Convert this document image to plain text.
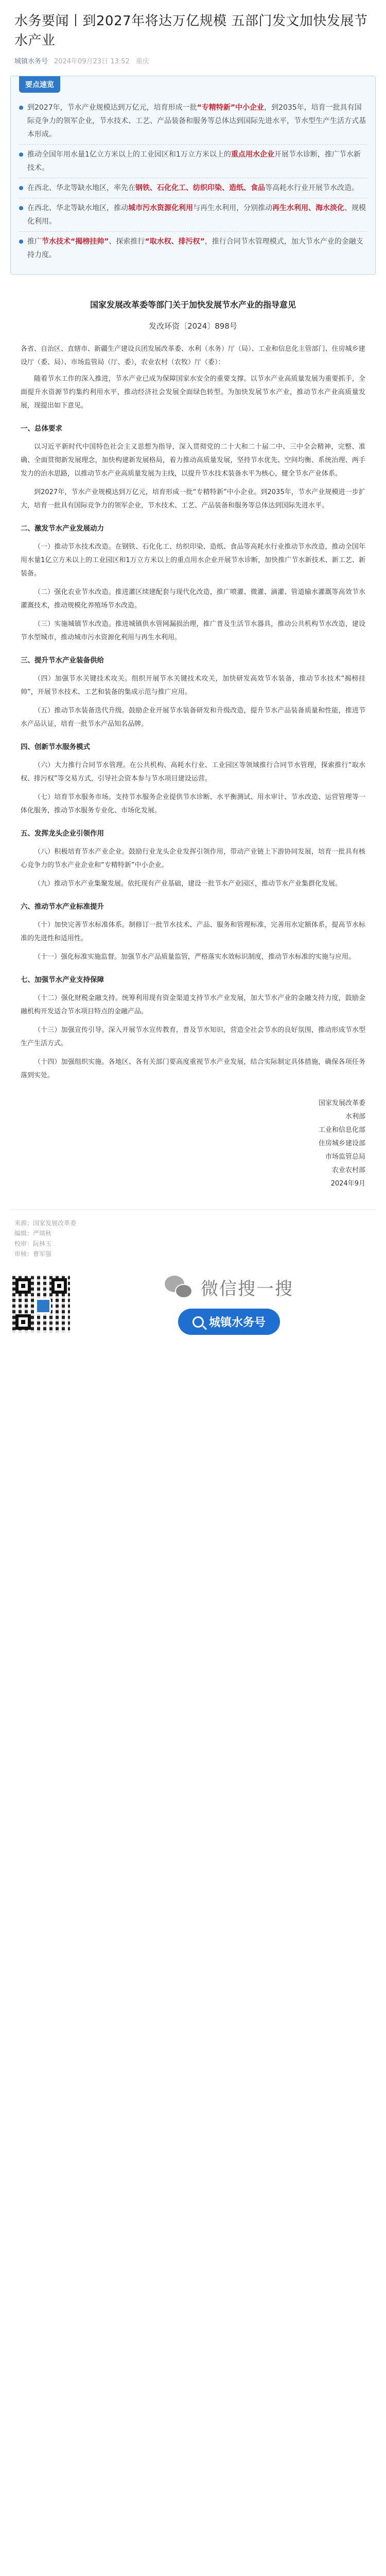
水务要闻丨到2027年将达万亿规模 五部门发文加快发展节水产业
城镇水务号 2024年09月23日 13:52 重庆
要点速览
到2027年，节水产业规模达到万亿元，培育形成一批“专精特新”中小企业，到2035年，培育一批具有国际竞争力的领军企业，节水技术、工艺、产品装备和服务等总体达到国际先进水平，节水型生产生活方式基本形成。
推动全国年用水量1亿立方米以上的工业园区和1万立方米以上的重点用水企业开展节水诊断，推广节水新技术。
在西北、华北等缺水地区，率先在钢铁、石化化工、纺织印染、造纸、食品等高耗水行业开展节水改造。
在西北、华北等缺水地区，推动城市污水资源化利用与再生水利用，分别推动再生水利用、海水淡化、规模化利用。
推广节水技术“揭榜挂帅”、探索推行“取水权、排污权”，推行合同节水管理模式，加大节水产业的金融支持力度。
国家发展改革委等部门关于加快发展节水产业的指导意见
发改环资〔2024〕898号
各省、自治区、直辖市、新疆生产建设兵团发展改革委、水利（水务）厅（局）、工业和信息化主管部门、住房城乡建设厅（委、局）、市场监管局（厅、委），农业农村（农牧）厅（委）：

随着节水工作的深入推进，节水产业已成为保障国家水安全的重要支撑。以节水产业高质量发展为重要抓手，全面提升水资源节约集约利用水平，推动经济社会发展全面绿色转型。为加快发展节水产业，推动节水产业高质量发展，现提出如下意见。

一、总体要求

以习近平新时代中国特色社会主义思想为指导，深入贯彻党的二十大和二十届二中、三中全会精神，完整、准确、全面贯彻新发展理念，加快构建新发展格局，着力推动高质量发展，坚持节水优先、空间均衡、系统治理、两手发力的治水思路，以推动节水产业高质量发展为主线，以提升节水技术装备水平为核心，健全节水产业体系。

到2027年，节水产业规模达到万亿元，培育形成一批“专精特新”中小企业。到2035年，节水产业规模进一步扩大，培育一批具有国际竞争力的领军企业，节水技术、工艺、产品装备和服务等总体达到国际先进水平。

二、激发节水产业发展动力

（一）推动节水技术改造。在钢铁、石化化工、纺织印染、造纸、食品等高耗水行业推动节水改造，推动全国年用水量1亿立方米以上的工业园区和1万立方米以上的重点用水企业开展节水诊断，加快推广节水新技术、新工艺、新装备。

（二）强化农业节水改造。推进灌区续建配套与现代化改造，推广喷灌、微灌、滴灌、管道输水灌溉等高效节水灌溉技术，推动规模化养殖场节水改造。

（三）实施城镇节水改造。推进城镇供水管网漏损治理，推广普及生活节水器具，推动公共机构节水改造，建设节水型城市，推动城市污水资源化利用与再生水利用。

三、提升节水产业装备供给

（四）加强节水关键技术攻关。组织开展节水关键技术攻关，加快研发高效节水装备，推动节水技术“揭榜挂帅”，开展节水技术、工艺和装备的集成示范与推广应用。

（五）推动节水装备迭代升级。鼓励企业开展节水装备研发和升级改造，提升节水产品装备质量和性能，推进节水产品认证，培育一批节水产品知名品牌。

四、创新节水服务模式

（六）大力推行合同节水管理。在公共机构、高耗水行业、工业园区等领域推行合同节水管理，探索推行“取水权、排污权”等交易方式，引导社会资本参与节水项目建设运营。

（七）培育节水服务市场。支持节水服务企业提供节水诊断、水平衡测试、用水审计、节水改造、运营管理等一体化服务，推动节水服务专业化、市场化发展。

五、发挥龙头企业引领作用

（八）积极培育节水产业企业。鼓励行业龙头企业发挥引领作用，带动产业链上下游协同发展，培育一批具有核心竞争力的节水产业企业和“专精特新”中小企业。

（九）推动节水产业集聚发展。依托现有产业基础，建设一批节水产业园区，推动节水产业集群化发展。

六、推动节水产业标准提升

（十）加快完善节水标准体系。制修订一批节水技术、产品、服务和管理标准，完善用水定额体系，提高节水标准的先进性和适用性。

（十一）强化标准实施监督。加强节水产品质量监管，严格落实水效标识制度，推动节水标准的实施与应用。

七、加强节水产业支持保障

（十二）强化财税金融支持。统筹利用现有资金渠道支持节水产业发展，加大节水产业的金融支持力度，鼓励金融机构开发适合节水项目特点的金融产品。

（十三）加强宣传引导。深入开展节水宣传教育，普及节水知识，营造全社会节水的良好氛围，推动形成节水型生产生活方式。

（十四）加强组织实施。各地区、各有关部门要高度重视节水产业发展，结合实际制定具体措施，确保各项任务落到实处。

国家发展改革委
水利部
工业和信息化部
住房城乡建设部
市场监管总局
农业农村部
2024年9月
来源：国家发展改革委
编辑：严靖秋
校审：阮林玉
审核：曹军强
微信搜一搜
城镇水务号
